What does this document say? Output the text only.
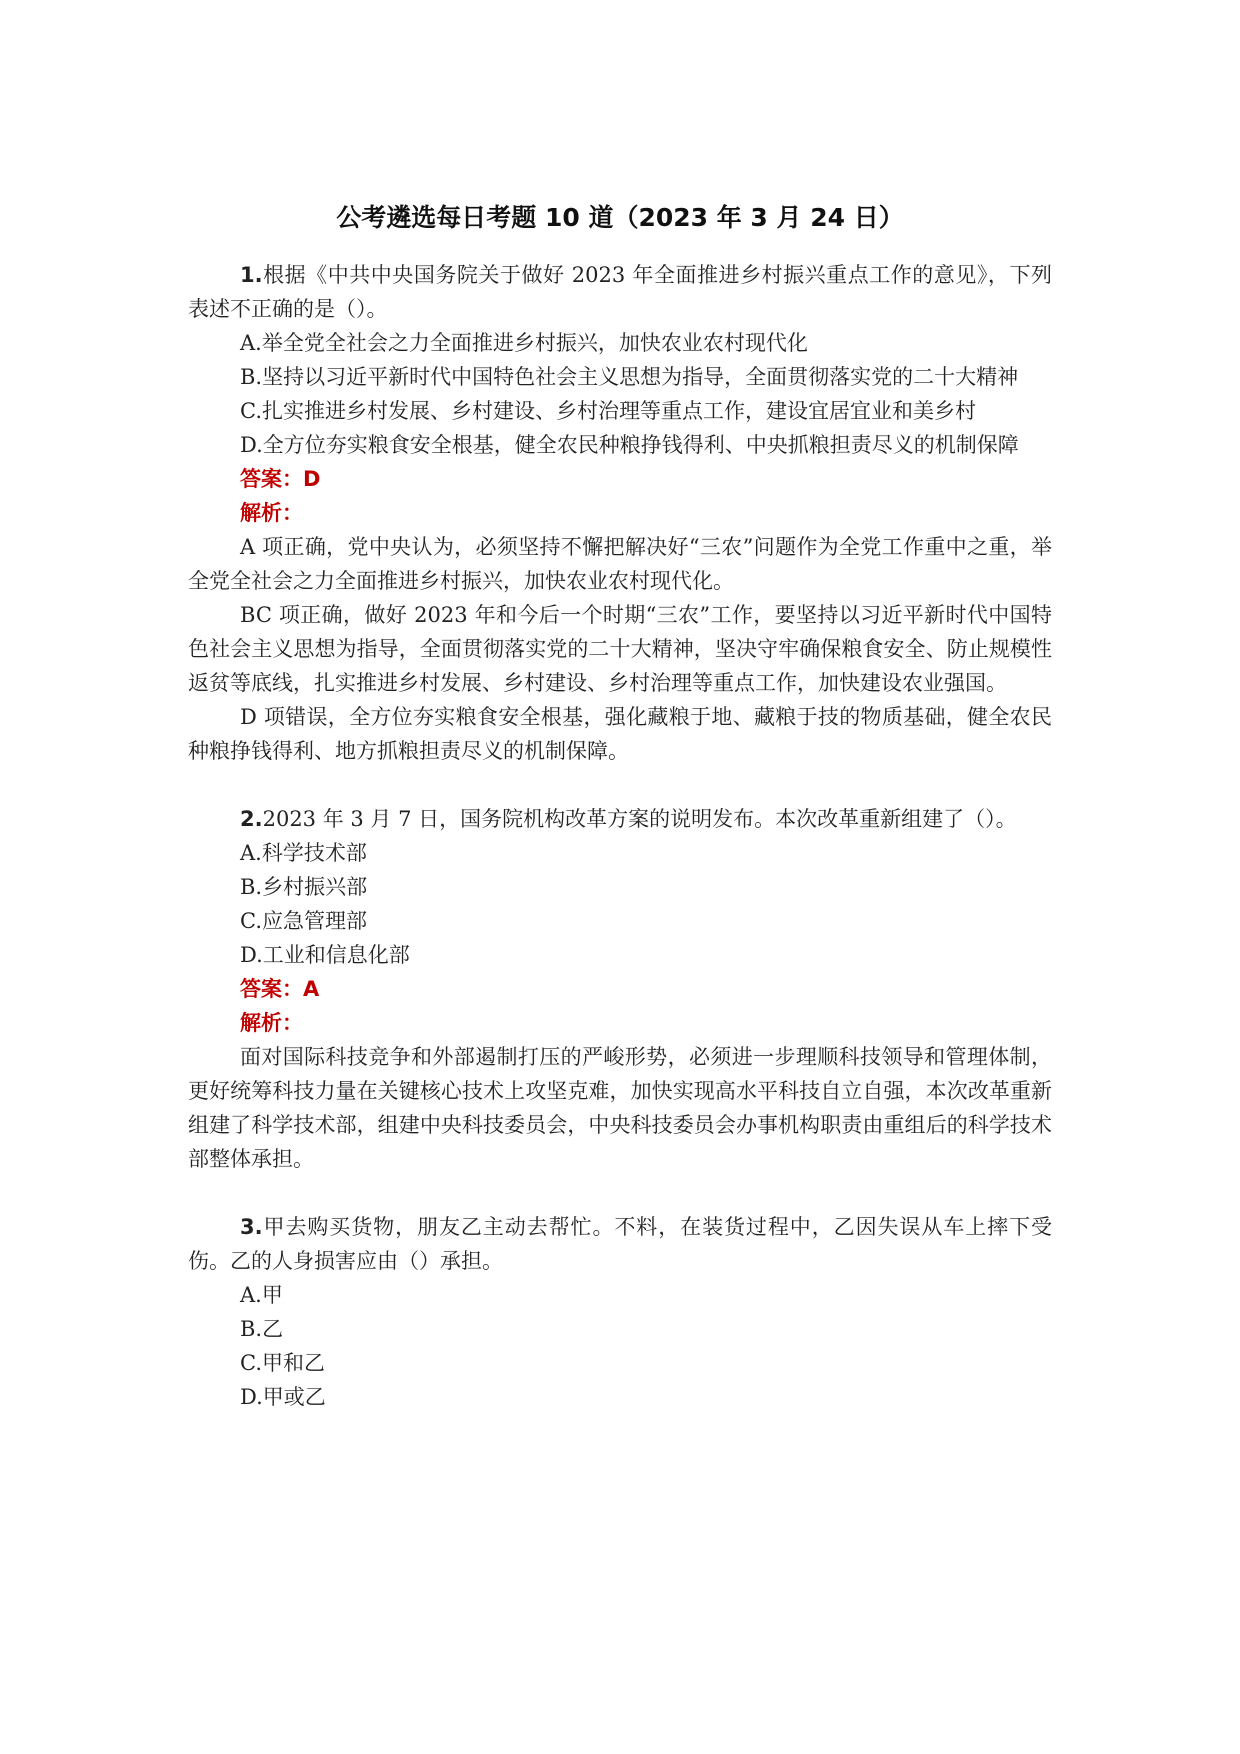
公考遴选每日考题 10 道（2023 年 3 月 24 日）

1.根据《中共中央国务院关于做好 2023 年全面推进乡村振兴重点工作的意见》，下列表述不正确的是（）。

A.举全党全社会之力全面推进乡村振兴，加快农业农村现代化

B.坚持以习近平新时代中国特色社会主义思想为指导，全面贯彻落实党的二十大精神

C.扎实推进乡村发展、乡村建设、乡村治理等重点工作，建设宜居宜业和美乡村

D.全方位夯实粮食安全根基，健全农民种粮挣钱得利、中央抓粮担责尽义的机制保障

答案：D

解析：

A 项正确，党中央认为，必须坚持不懈把解决好“三农”问题作为全党工作重中之重，举全党全社会之力全面推进乡村振兴，加快农业农村现代化。

BC 项正确，做好 2023 年和今后一个时期“三农”工作，要坚持以习近平新时代中国特色社会主义思想为指导，全面贯彻落实党的二十大精神，坚决守牢确保粮食安全、防止规模性返贫等底线，扎实推进乡村发展、乡村建设、乡村治理等重点工作，加快建设农业强国。

D 项错误，全方位夯实粮食安全根基，强化藏粮于地、藏粮于技的物质基础，健全农民种粮挣钱得利、地方抓粮担责尽义的机制保障。

2.2023 年 3 月 7 日，国务院机构改革方案的说明发布。本次改革重新组建了（）。

A.科学技术部

B.乡村振兴部

C.应急管理部

D.工业和信息化部

答案：A

解析：

面对国际科技竞争和外部遏制打压的严峻形势，必须进一步理顺科技领导和管理体制，更好统筹科技力量在关键核心技术上攻坚克难，加快实现高水平科技自立自强，本次改革重新组建了科学技术部，组建中央科技委员会，中央科技委员会办事机构职责由重组后的科学技术部整体承担。

3.甲去购买货物，朋友乙主动去帮忙。不料，在装货过程中，乙因失误从车上摔下受伤。乙的人身损害应由（）承担。

A.甲

B.乙

C.甲和乙

D.甲或乙
